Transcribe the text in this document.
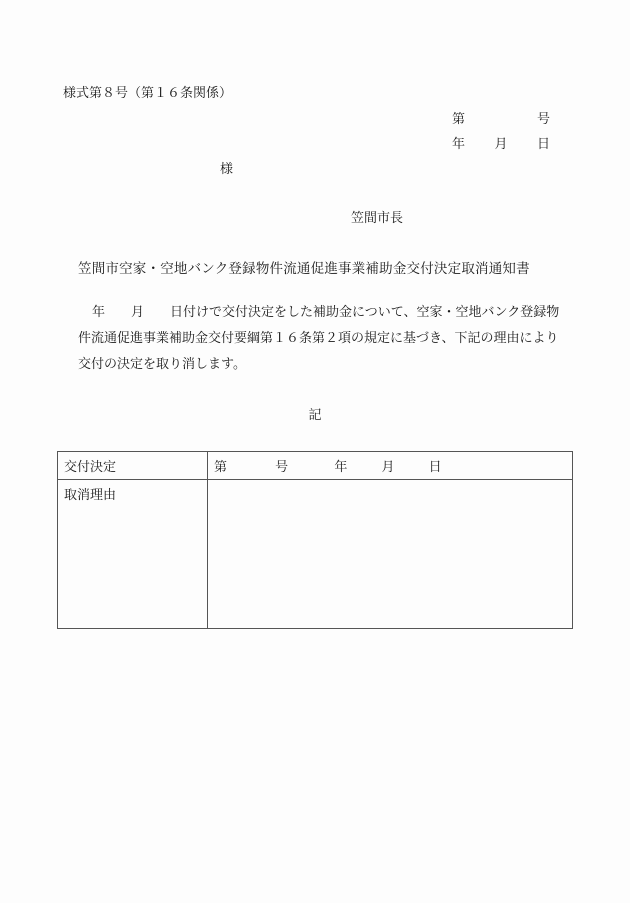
様式第８号（第１６条関係）
第	号
年 月 日
様
笠間市長
笠間市空家・空地バンク登録物件流通促進事業補助金交付決定取消通知書

年　　月　　日付けで交付決定をした補助金について、空家・空地バンク登録物件流通促進事業補助金交付要綱第１６条第２項の規定に基づき、下記の理由により交付の決定を取り消します。

記
交付決定	第 号 年 月 日
取消理由	
